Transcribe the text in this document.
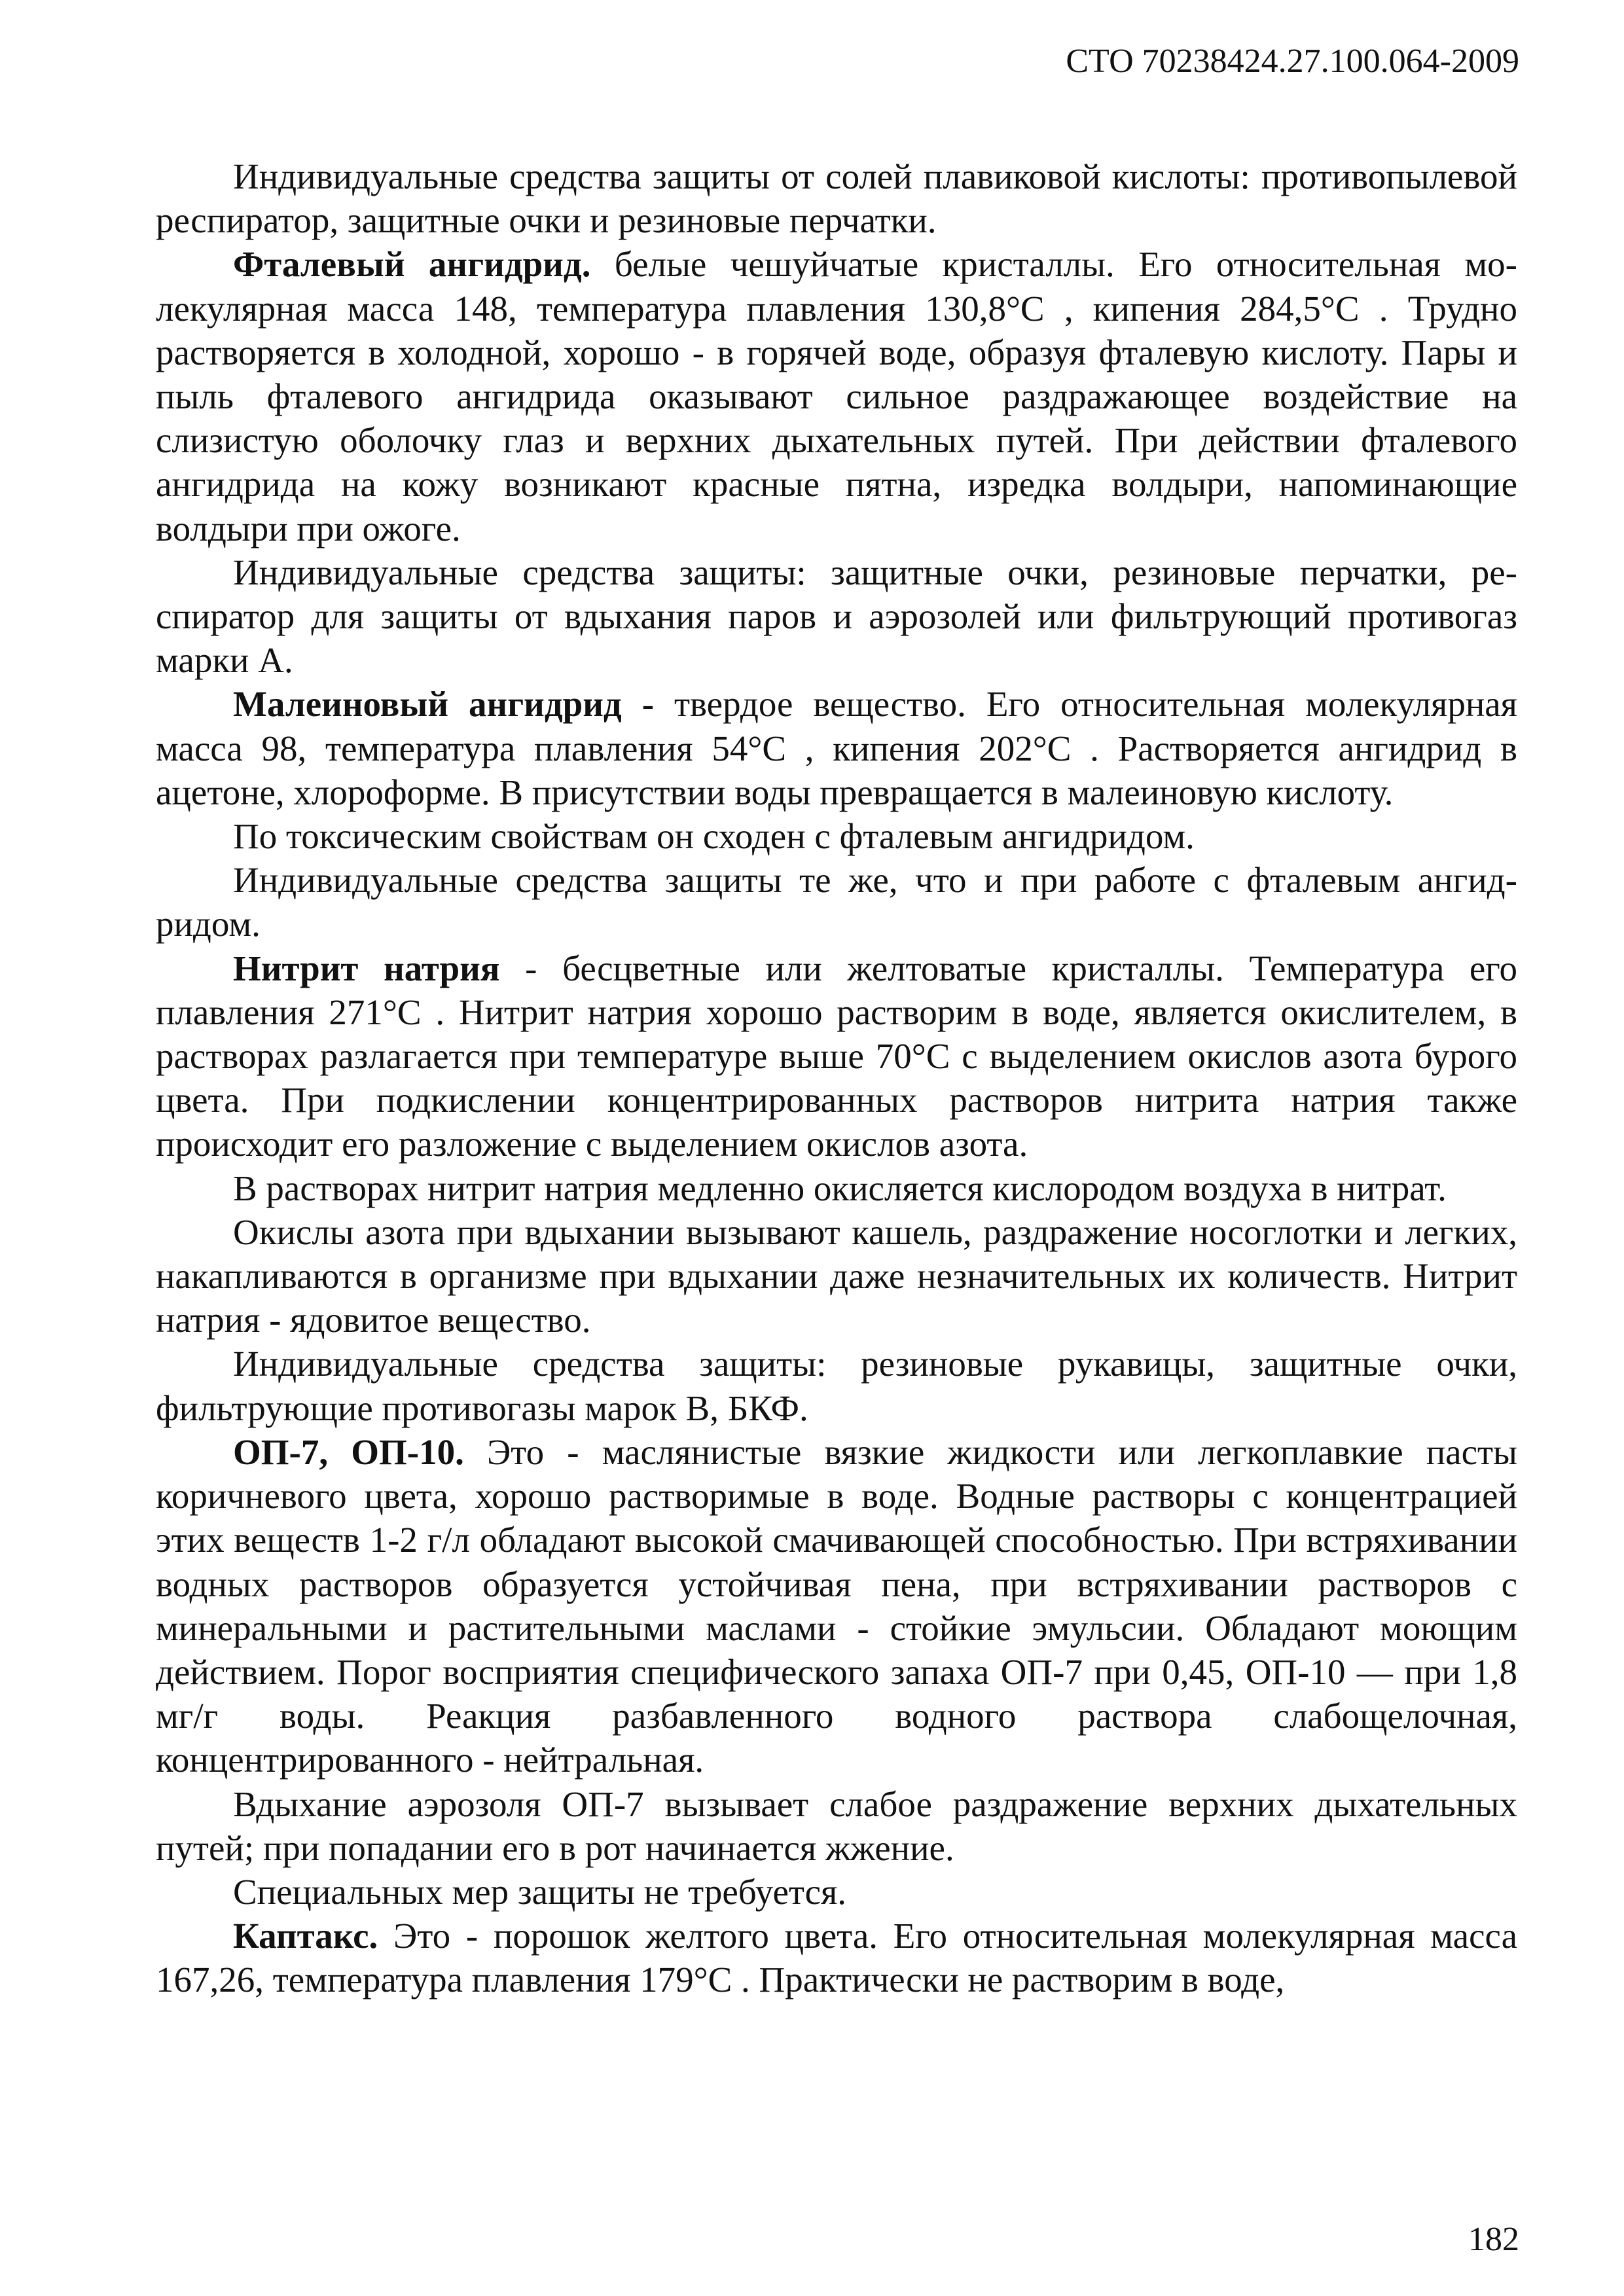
СТО 70238424.27.100.064-2009

Индивидуальные средства защиты от солей плавиковой кислоты: противопылевой респиратор, защитные очки и резиновые перчатки.

Фталевый ангидрид. белые чешуйчатые кристаллы. Его относительная молекулярная масса 148, температура плавления 130,8°С , кипения 284,5°С . Трудно растворяется в холодной, хорошо - в горячей воде, образуя фталевую кислоту. Пары и пыль фталевого ангидрида оказывают сильное раздражающее воздействие на слизистую оболочку глаз и верхних дыхательных путей. При действии фталевого ангидрида на кожу возникают красные пятна, изредка волдыри, напоминающие волдыри при ожоге.

Индивидуальные средства защиты: защитные очки, резиновые перчатки, респиратор для защиты от вдыхания паров и аэрозолей или фильтрующий противогаз марки А.

Малеиновый ангидрид - твердое вещество. Его относительная молекулярная масса 98, температура плавления 54°С , кипения 202°С . Растворяется ангидрид в ацетоне, хлороформе. В присутствии воды превращается в малеиновую кислоту.

По токсическим свойствам он сходен с фталевым ангидридом.

Индивидуальные средства защиты те же, что и при работе с фталевым ангидридом.

Нитрит натрия - бесцветные или желтоватые кристаллы. Температура его плавления 271°С . Нитрит натрия хорошо растворим в воде, является окислителем, в растворах разлагается при температуре выше 70°С с выделением окислов азота бурого цвета. При подкислении концентрированных растворов нитрита натрия также происходит его разложение с выделением окислов азота.

В растворах нитрит натрия медленно окисляется кислородом воздуха в нитрат.

Окислы азота при вдыхании вызывают кашель, раздражение носоглотки и легких, накапливаются в организме при вдыхании даже незначительных их количеств. Нитрит натрия - ядовитое вещество.

Индивидуальные средства защиты: резиновые рукавицы, защитные очки, фильтрующие противогазы марок В, БКФ.

ОП-7, ОП-10. Это - маслянистые вязкие жидкости или легкоплавкие пасты коричневого цвета, хорошо растворимые в воде. Водные растворы с концентрацией этих веществ 1-2 г/л обладают высокой смачивающей способностью. При встряхивании водных растворов образуется устойчивая пена, при встряхивании растворов с минеральными и растительными маслами - стойкие эмульсии. Обладают моющим действием. Порог восприятия специфического запаха ОП-7 при 0,45, ОП-10 — при 1,8 мг/г воды. Реакция разбавленного водного раствора слабощелочная, концентрированного - нейтральная.

Вдыхание аэрозоля ОП-7 вызывает слабое раздражение верхних дыхательных путей; при попадании его в рот начинается жжение.

Специальных мер защиты не требуется.

Каптакс. Это - порошок желтого цвета. Его относительная молекулярная масса 167,26, температура плавления 179°С . Практически не растворим в воде,

182
